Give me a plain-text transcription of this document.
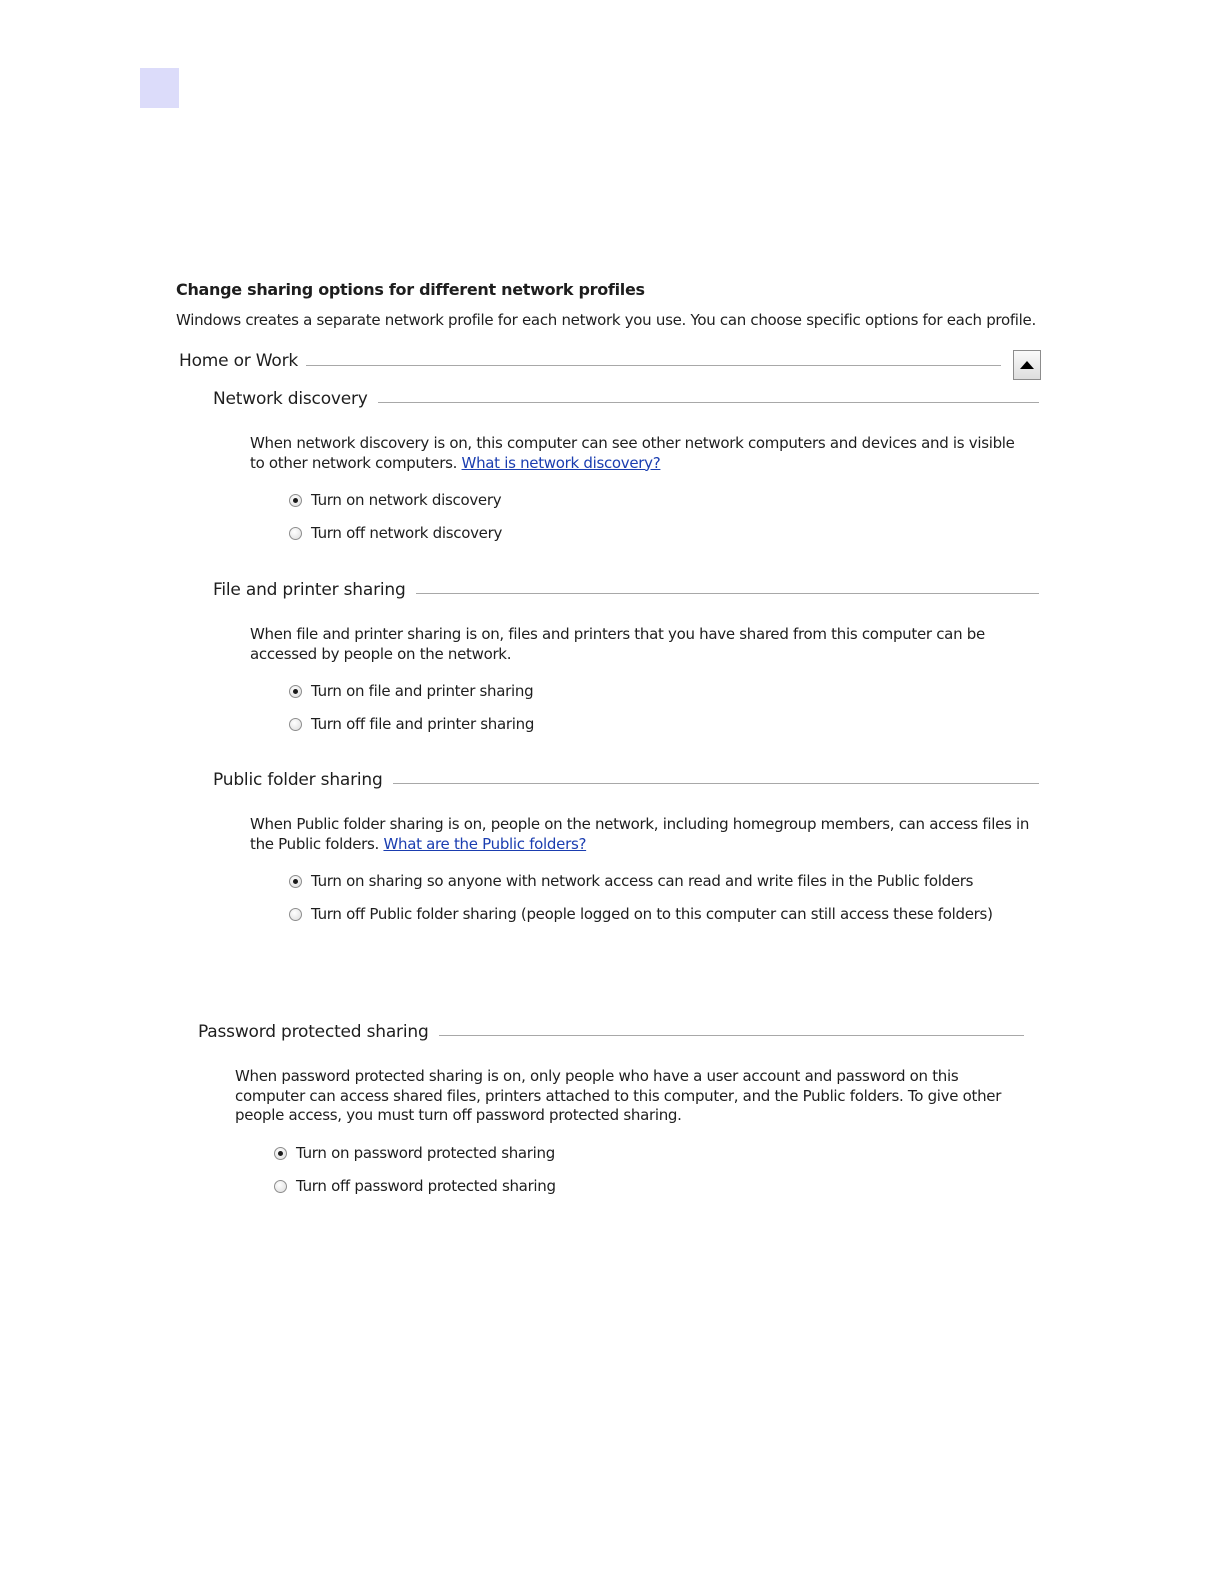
Change sharing options for different network profiles
Windows creates a separate network profile for each network you use. You can choose specific options for each profile.
Home or Work
Network discovery
When network discovery is on, this computer can see other network computers and devices and is visible to other network computers. What is network discovery?
Turn on network discovery
Turn off network discovery
File and printer sharing
When file and printer sharing is on, files and printers that you have shared from this computer can be accessed by people on the network.
Turn on file and printer sharing
Turn off file and printer sharing
Public folder sharing
When Public folder sharing is on, people on the network, including homegroup members, can access files in the Public folders. What are the Public folders?
Turn on sharing so anyone with network access can read and write files in the Public folders
Turn off Public folder sharing (people logged on to this computer can still access these folders)
Password protected sharing
When password protected sharing is on, only people who have a user account and password on this computer can access shared files, printers attached to this computer, and the Public folders. To give other people access, you must turn off password protected sharing.
Turn on password protected sharing
Turn off password protected sharing
